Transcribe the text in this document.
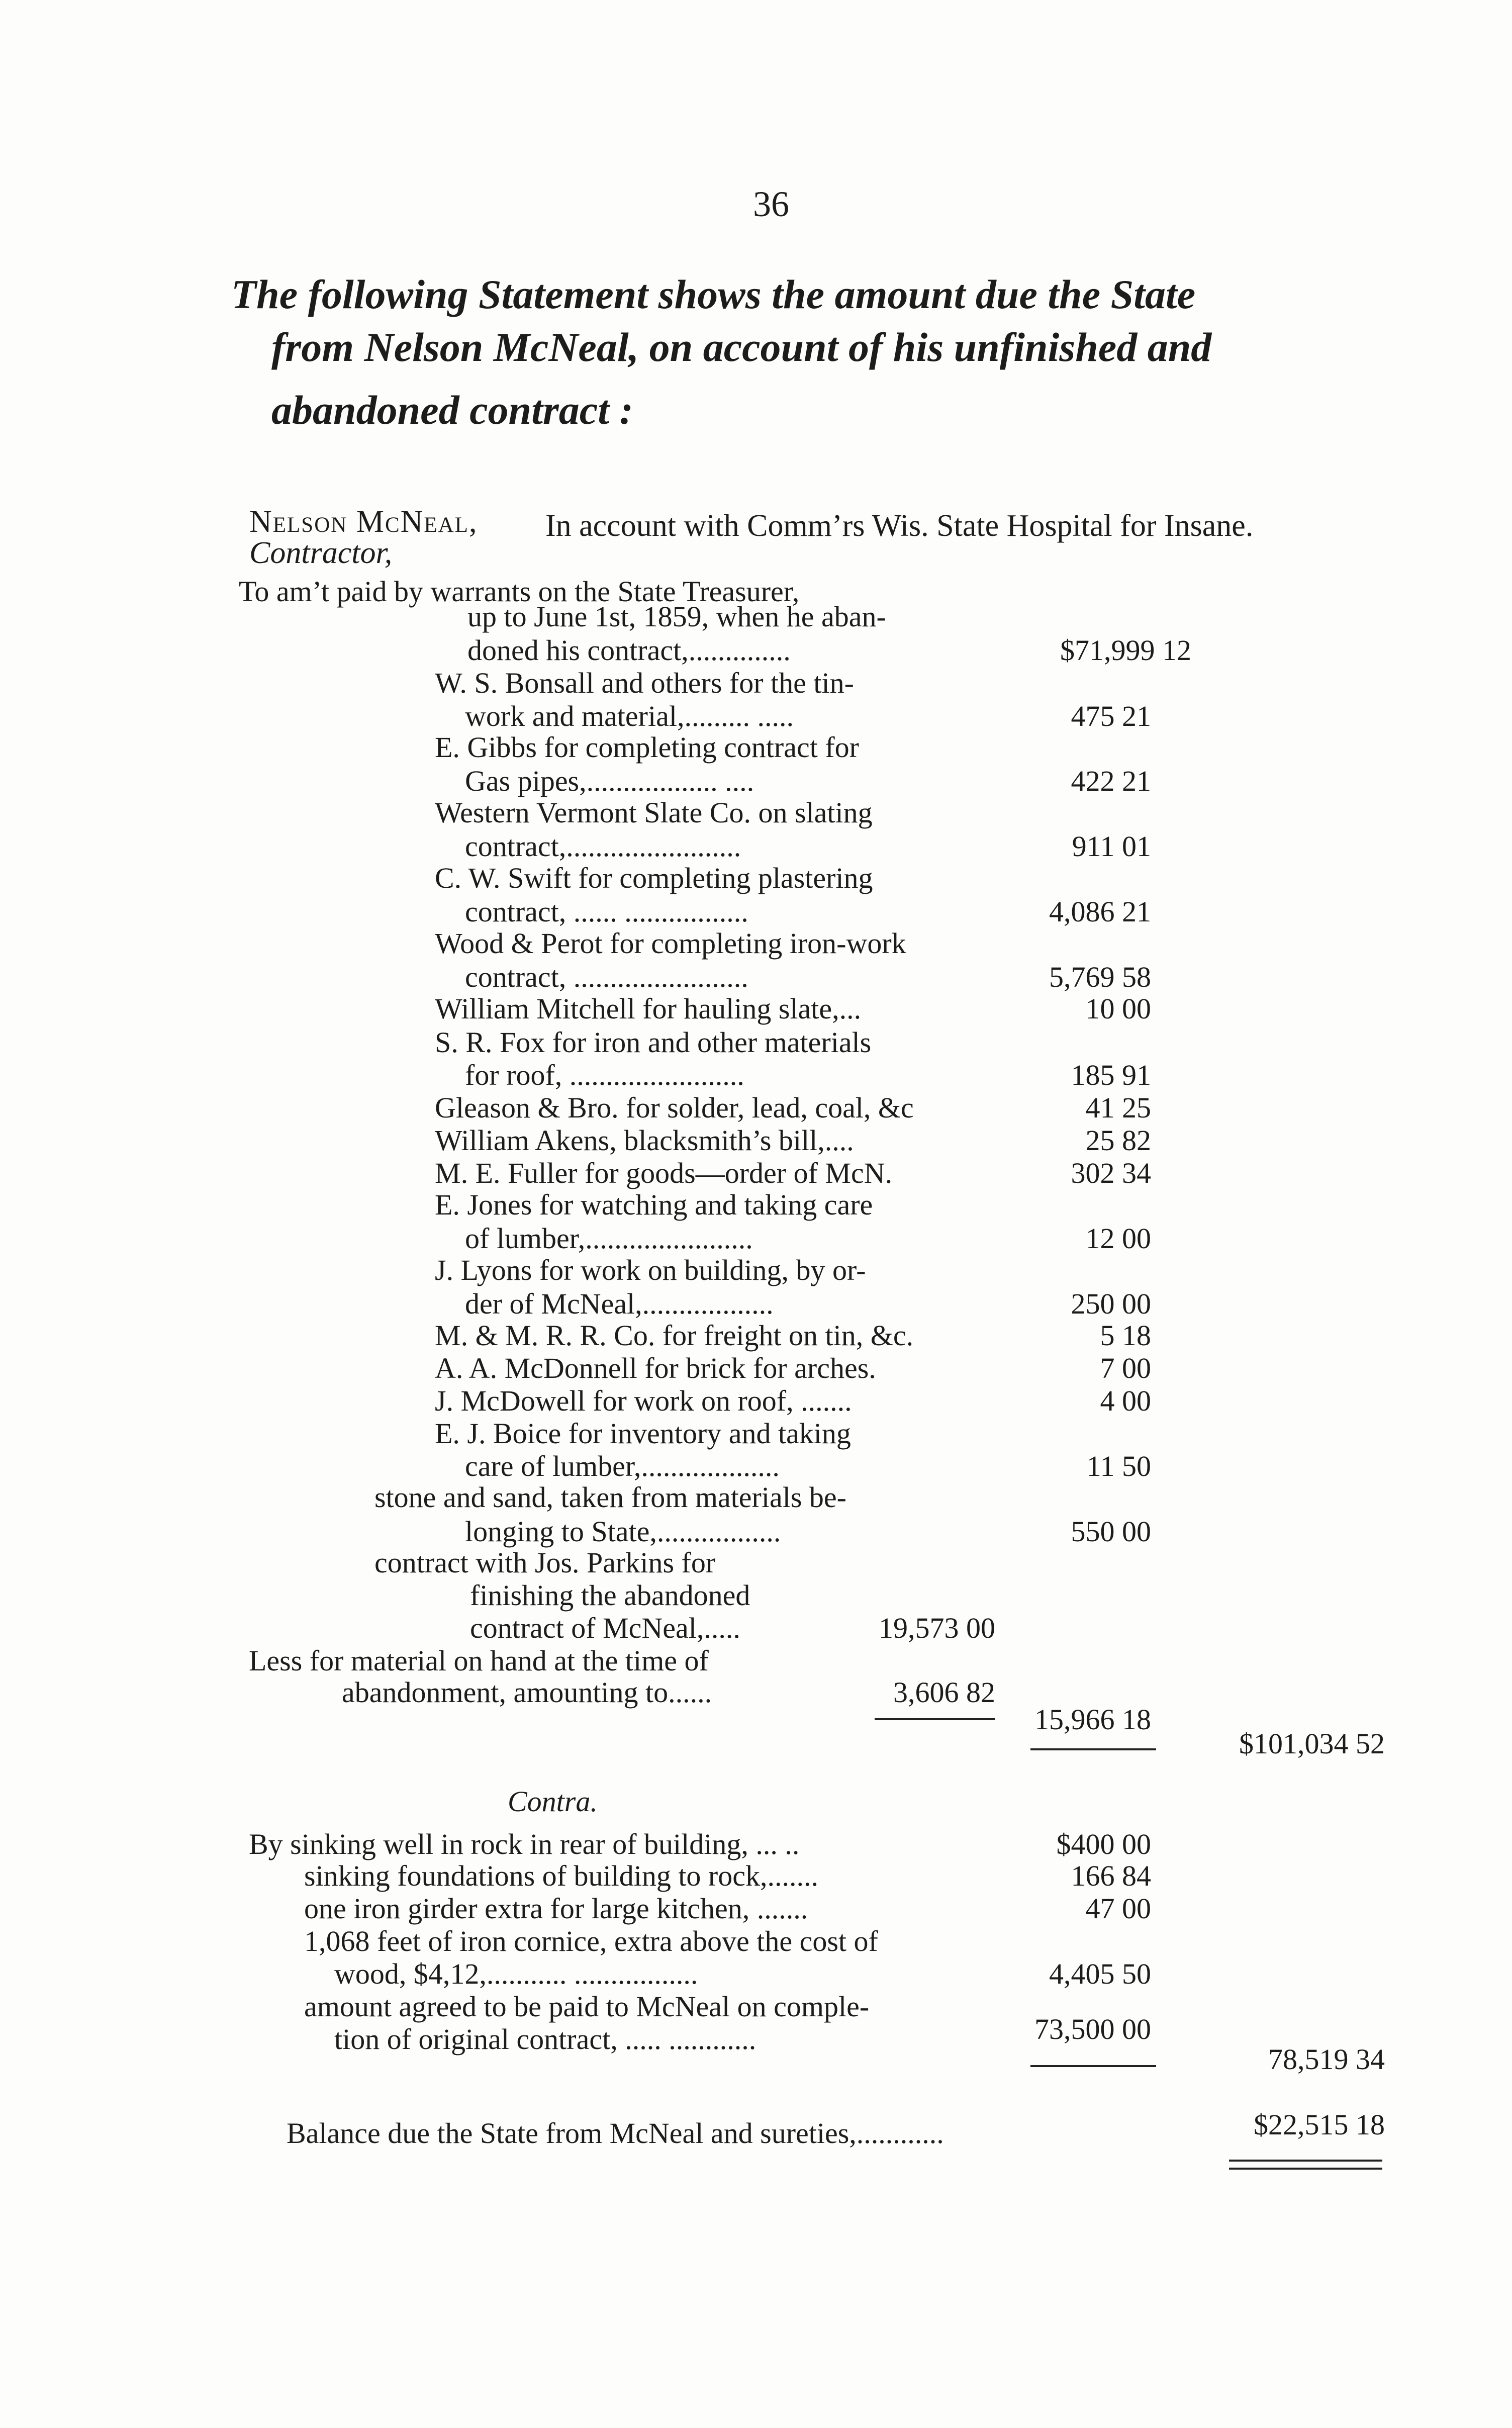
36
The following Statement shows the amount due the State
from Nelson McNeal, on account of his unfinished and
abandoned contract :

Nelson McNeal,
Contractor,

In account with Comm’rs Wis. State Hospital for Insane.
To am’t paid by warrants on the State Treasurer,
up to June 1st, 1859, when he aban-
doned his contract,..............
W. S. Bonsall and others for the tin-
work and material,......... .....
E. Gibbs for completing contract for
Gas pipes,.................. ....
Western Vermont Slate Co. on slating
contract,........................
C. W. Swift for completing plastering
contract, ...... .................
Wood & Perot for completing iron-work
contract, ........................
William Mitchell for hauling slate,...
S. R. Fox for iron and other materials
for roof, ........................
Gleason & Bro. for solder, lead, coal, &c
William Akens, blacksmith’s bill,....
M. E. Fuller for goods—order of McN.
E. Jones for watching and taking care
of lumber,.......................
J. Lyons for work on building, by or-
der of McNeal,..................
M. & M. R. R. Co. for freight on tin, &c.
A. A. McDonnell for brick for arches.
J. McDowell for work on roof, .......
E. J. Boice for inventory and taking
care of lumber,...................
stone and sand, taken from materials be-
longing to State,.................
contract with Jos. Parkins for
finishing the abandoned
contract of McNeal,.....
Less for material on hand at the time of
abandonment, amounting to......
$71,999 12
475 21
422 21
911 01
4,086 21
5,769 58
10 00
185 91
41 25
25 82
302 34
12 00
250 00
5 18
7 00
4 00
11 50
550 00
19,573 00
3,606 82
15,966 18
$101,034 52
Contra.
By sinking well in rock in rear of building, ... ..
sinking foundations of building to rock,.......
one iron girder extra for large kitchen, .......
1,068 feet of iron cornice, extra above the cost of
wood, $4,12,........... .................
amount agreed to be paid to McNeal on comple-
tion of original contract, ..... ............
$400 00
166 84
47 00
4,405 50
73,500 00
78,519 34
Balance due the State from McNeal and sureties,............	$22,515 18
